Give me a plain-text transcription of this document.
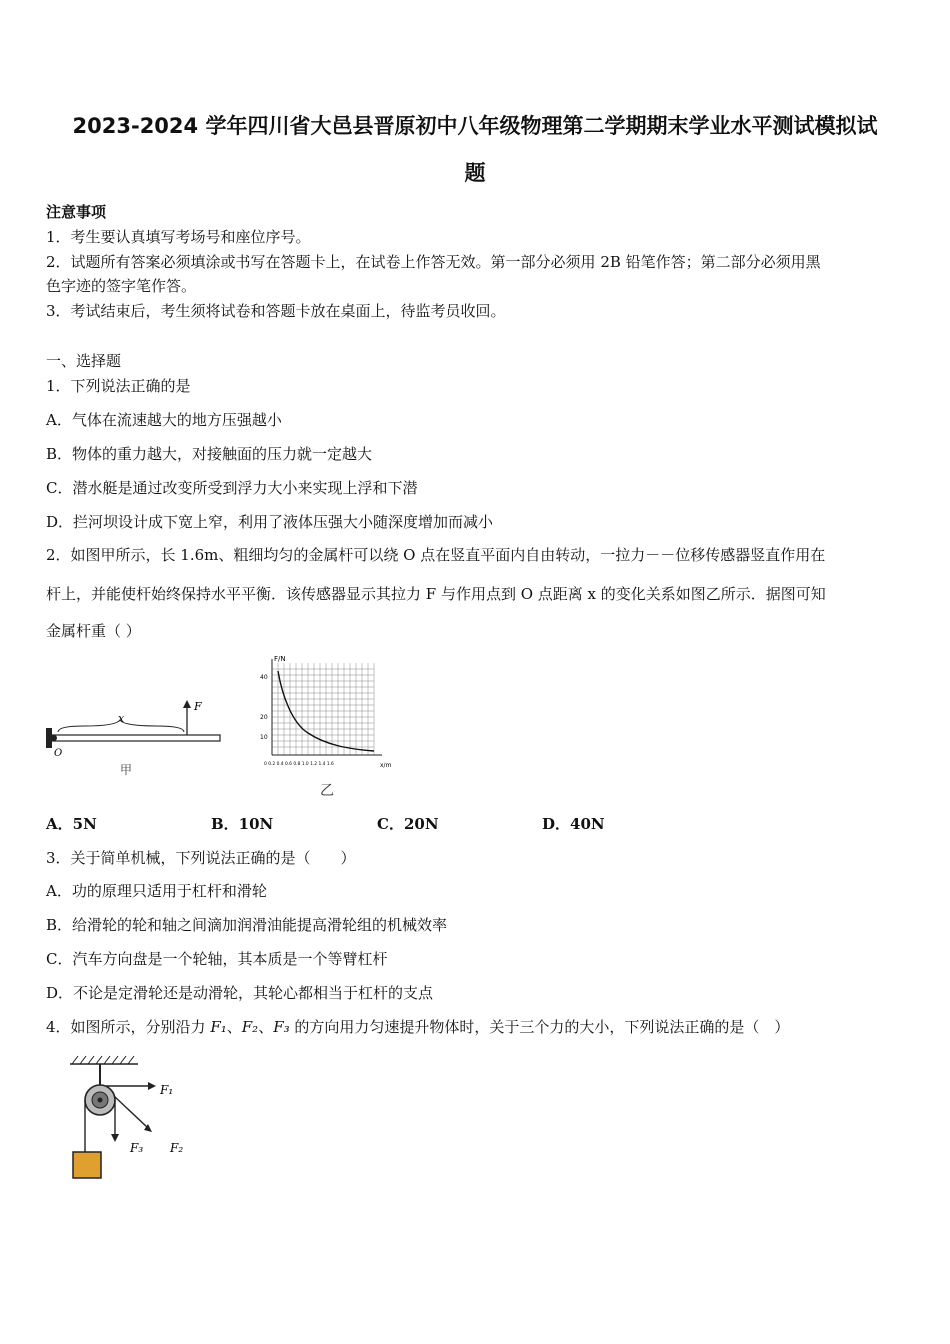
2023-2024 学年四川省大邑县晋原初中八年级物理第二学期期末学业水平测试模拟试
题
注意事项
1．考生要认真填写考场号和座位序号。
2．试题所有答案必须填涂或书写在答题卡上，在试卷上作答无效。第一部分必须用 2B 铅笔作答；第二部分必须用黑
色字迹的签字笔作答。
3．考试结束后，考生须将试卷和答题卡放在桌面上，待监考员收回。
一、选择题
1．下列说法正确的是
A．气体在流速越大的地方压强越小
B．物体的重力越大，对接触面的压力就一定越大
C．潜水艇是通过改变所受到浮力大小来实现上浮和下潜
D．拦河坝设计成下宽上窄，利用了液体压强大小随深度增加而减小
2．如图甲所示，长 1.6m、粗细均匀的金属杆可以绕 O 点在竖直平面内自由转动，一拉力－－位移传感器竖直作用在
杆上，并能使杆始终保持水平平衡．该传感器显示其拉力 F 与作用点到 O 点距离 x 的变化关系如图乙所示．据图可知
金属杆重（ ）
x
F
O
甲
F/N
x/m
40
20
10
0 0.2 0.4 0.6 0.8 1.0 1.2 1.4 1.6
乙
A．5N	B．10N	C．20N	D．40N
3．关于简单机械，下列说法正确的是（　　）
A．功的原理只适用于杠杆和滑轮
B．给滑轮的轮和轴之间滴加润滑油能提高滑轮组的机械效率
C．汽车方向盘是一个轮轴，其本质是一个等臂杠杆
D．不论是定滑轮还是动滑轮，其轮心都相当于杠杆的支点
4．如图所示，分别沿力 F₁、F₂、F₃ 的方向用力匀速提升物体时，关于三个力的大小，下列说法正确的是（　）
F₁
F₂
F₃
